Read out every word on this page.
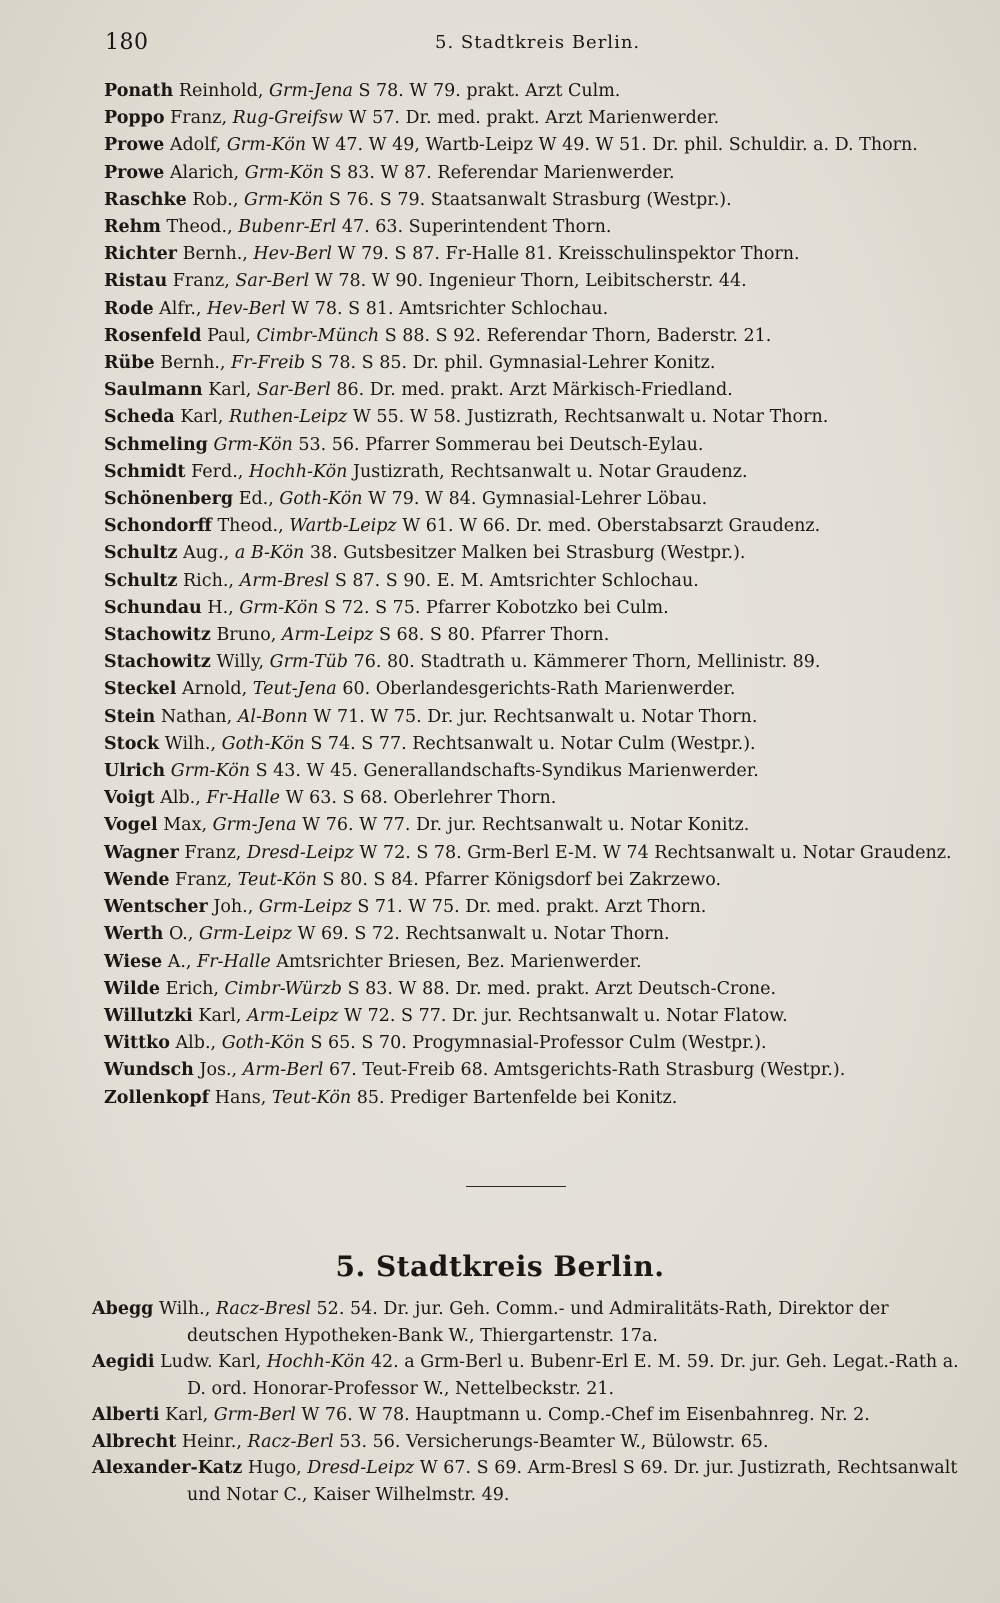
180	5. Stadtkreis Berlin.
Ponath Reinhold, Grm-Jena S 78. W 79. prakt. Arzt Culm.
Poppo Franz, Rug-Greifsw W 57. Dr. med. prakt. Arzt Marienwerder.
Prowe Adolf, Grm-Kön W 47. W 49, Wartb-Leipz W 49. W 51. Dr. phil. Schuldir. a. D. Thorn.
Prowe Alarich, Grm-Kön S 83. W 87. Referendar Marienwerder.
Raschke Rob., Grm-Kön S 76. S 79. Staatsanwalt Strasburg (Westpr.).
Rehm Theod., Bubenr-Erl 47. 63. Superintendent Thorn.
Richter Bernh., Hev-Berl W 79. S 87. Fr-Halle 81. Kreisschulinspektor Thorn.
Ristau Franz, Sar-Berl W 78. W 90. Ingenieur Thorn, Leibitscherstr. 44.
Rode Alfr., Hev-Berl W 78. S 81. Amtsrichter Schlochau.
Rosenfeld Paul, Cimbr-Münch S 88. S 92. Referendar Thorn, Baderstr. 21.
Rübe Bernh., Fr-Freib S 78. S 85. Dr. phil. Gymnasial-Lehrer Konitz.
Saulmann Karl, Sar-Berl 86. Dr. med. prakt. Arzt Märkisch-Friedland.
Scheda Karl, Ruthen-Leipz W 55. W 58. Justizrath, Rechtsanwalt u. Notar Thorn.
Schmeling Grm-Kön 53. 56. Pfarrer Sommerau bei Deutsch-Eylau.
Schmidt Ferd., Hochh-Kön Justizrath, Rechtsanwalt u. Notar Graudenz.
Schönenberg Ed., Goth-Kön W 79. W 84. Gymnasial-Lehrer Löbau.
Schondorff Theod., Wartb-Leipz W 61. W 66. Dr. med. Oberstabsarzt Graudenz.
Schultz Aug., a B-Kön 38. Gutsbesitzer Malken bei Strasburg (Westpr.).
Schultz Rich., Arm-Bresl S 87. S 90. E. M. Amtsrichter Schlochau.
Schundau H., Grm-Kön S 72. S 75. Pfarrer Kobotzko bei Culm.
Stachowitz Bruno, Arm-Leipz S 68. S 80. Pfarrer Thorn.
Stachowitz Willy, Grm-Tüb 76. 80. Stadtrath u. Kämmerer Thorn, Mellinistr. 89.
Steckel Arnold, Teut-Jena 60. Oberlandesgerichts-Rath Marienwerder.
Stein Nathan, Al-Bonn W 71. W 75. Dr. jur. Rechtsanwalt u. Notar Thorn.
Stock Wilh., Goth-Kön S 74. S 77. Rechtsanwalt u. Notar Culm (Westpr.).
Ulrich Grm-Kön S 43. W 45. Generallandschafts-Syndikus Marienwerder.
Voigt Alb., Fr-Halle W 63. S 68. Oberlehrer Thorn.
Vogel Max, Grm-Jena W 76. W 77. Dr. jur. Rechtsanwalt u. Notar Konitz.
Wagner Franz, Dresd-Leipz W 72. S 78. Grm-Berl E-M. W 74 Rechtsanwalt u. Notar Graudenz.
Wende Franz, Teut-Kön S 80. S 84. Pfarrer Königsdorf bei Zakrzewo.
Wentscher Joh., Grm-Leipz S 71. W 75. Dr. med. prakt. Arzt Thorn.
Werth O., Grm-Leipz W 69. S 72. Rechtsanwalt u. Notar Thorn.
Wiese A., Fr-Halle Amtsrichter Briesen, Bez. Marienwerder.
Wilde Erich, Cimbr-Würzb S 83. W 88. Dr. med. prakt. Arzt Deutsch-Crone.
Willutzki Karl, Arm-Leipz W 72. S 77. Dr. jur. Rechtsanwalt u. Notar Flatow.
Wittko Alb., Goth-Kön S 65. S 70. Progymnasial-Professor Culm (Westpr.).
Wundsch Jos., Arm-Berl 67. Teut-Freib 68. Amtsgerichts-Rath Strasburg (Westpr.).
Zollenkopf Hans, Teut-Kön 85. Prediger Bartenfelde bei Konitz.
5. Stadtkreis Berlin.
Abegg Wilh., Racz-Bresl 52. 54. Dr. jur. Geh. Comm.- und Admiralitäts-Rath, Direktor der deutschen Hypotheken-Bank W., Thiergartenstr. 17a.
Aegidi Ludw. Karl, Hochh-Kön 42. a Grm-Berl u. Bubenr-Erl E. M. 59. Dr. jur. Geh. Legat.-Rath a. D. ord. Honorar-Professor W., Nettelbeckstr. 21.
Alberti Karl, Grm-Berl W 76. W 78. Hauptmann u. Comp.-Chef im Eisenbahnreg. Nr. 2.
Albrecht Heinr., Racz-Berl 53. 56. Versicherungs-Beamter W., Bülowstr. 65.
Alexander-Katz Hugo, Dresd-Leipz W 67. S 69. Arm-Bresl S 69. Dr. jur. Justizrath, Rechtsanwalt und Notar C., Kaiser Wilhelmstr. 49.
